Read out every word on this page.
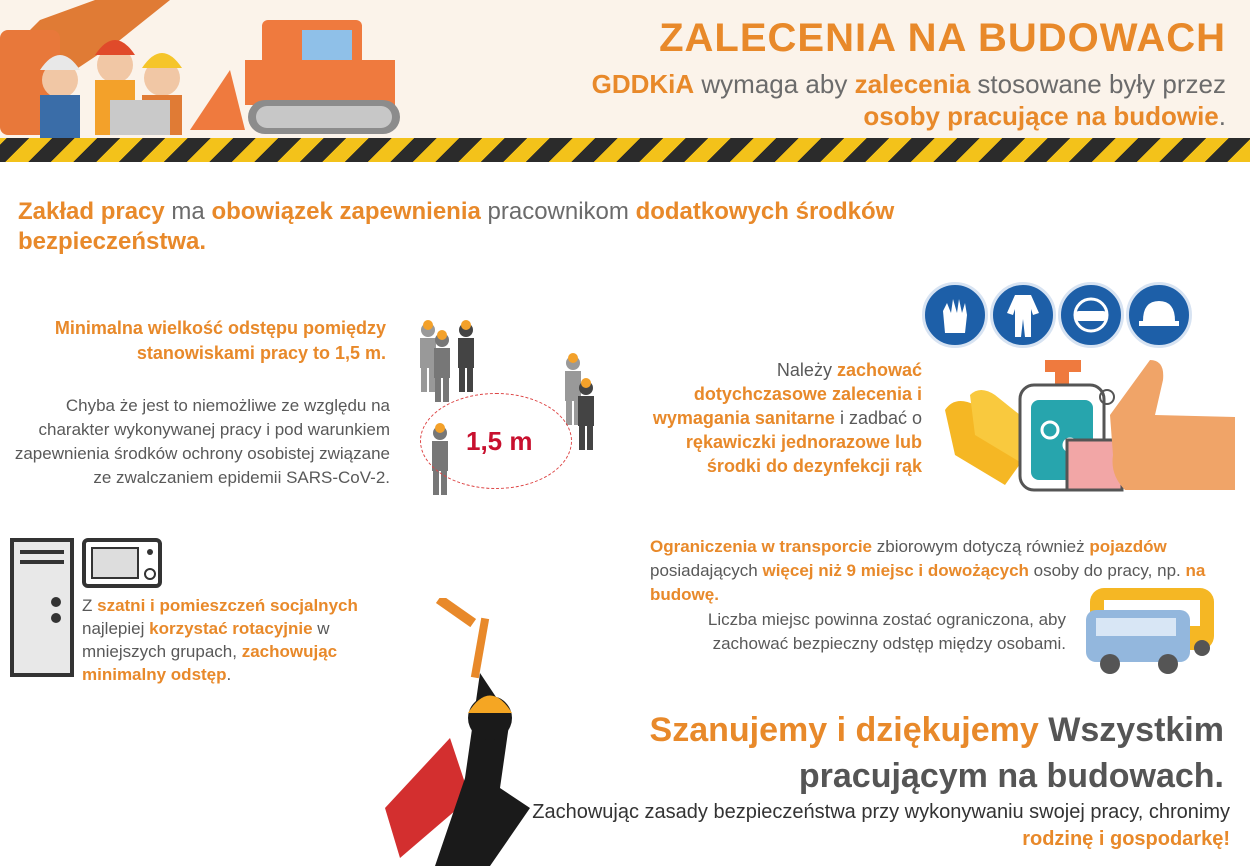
ZALECENIA NA BUDOWACH
GDDKiA wymaga aby zalecenia stosowane były przez osoby pracujące na budowie.
Zakład pracy ma obowiązek zapewnienia pracownikom dodatkowych środków bezpieczeństwa.
Minimalna wielkość odstępu pomiędzy stanowiskami pracy to 1,5 m.
Chyba że jest to niemożliwe ze względu na charakter wykonywanej pracy i pod warunkiem zapewnienia środków ochrony osobistej związane ze zwalczaniem epidemii SARS-CoV-2.
1,5 m
Należy zachować dotychczasowe zalecenia i wymagania sanitarne i zadbać o rękawiczki jednorazowe lub środki do dezynfekcji rąk
Z szatni i pomieszczeń socjalnych najlepiej korzystać rotacyjnie w mniejszych grupach, zachowując minimalny odstęp.
Ograniczenia w transporcie zbiorowym dotyczą również pojazdów posiadających więcej niż 9 miejsc i dowożących osoby do pracy, np. na budowę.
Liczba miejsc powinna zostać ograniczona, aby zachować bezpieczny odstęp między osobami.
Szanujemy i dziękujemy Wszystkim pracującym na budowach.
Zachowując zasady bezpieczeństwa przy wykonywaniu swojej pracy, chronimy rodzinę i gospodarkę!
